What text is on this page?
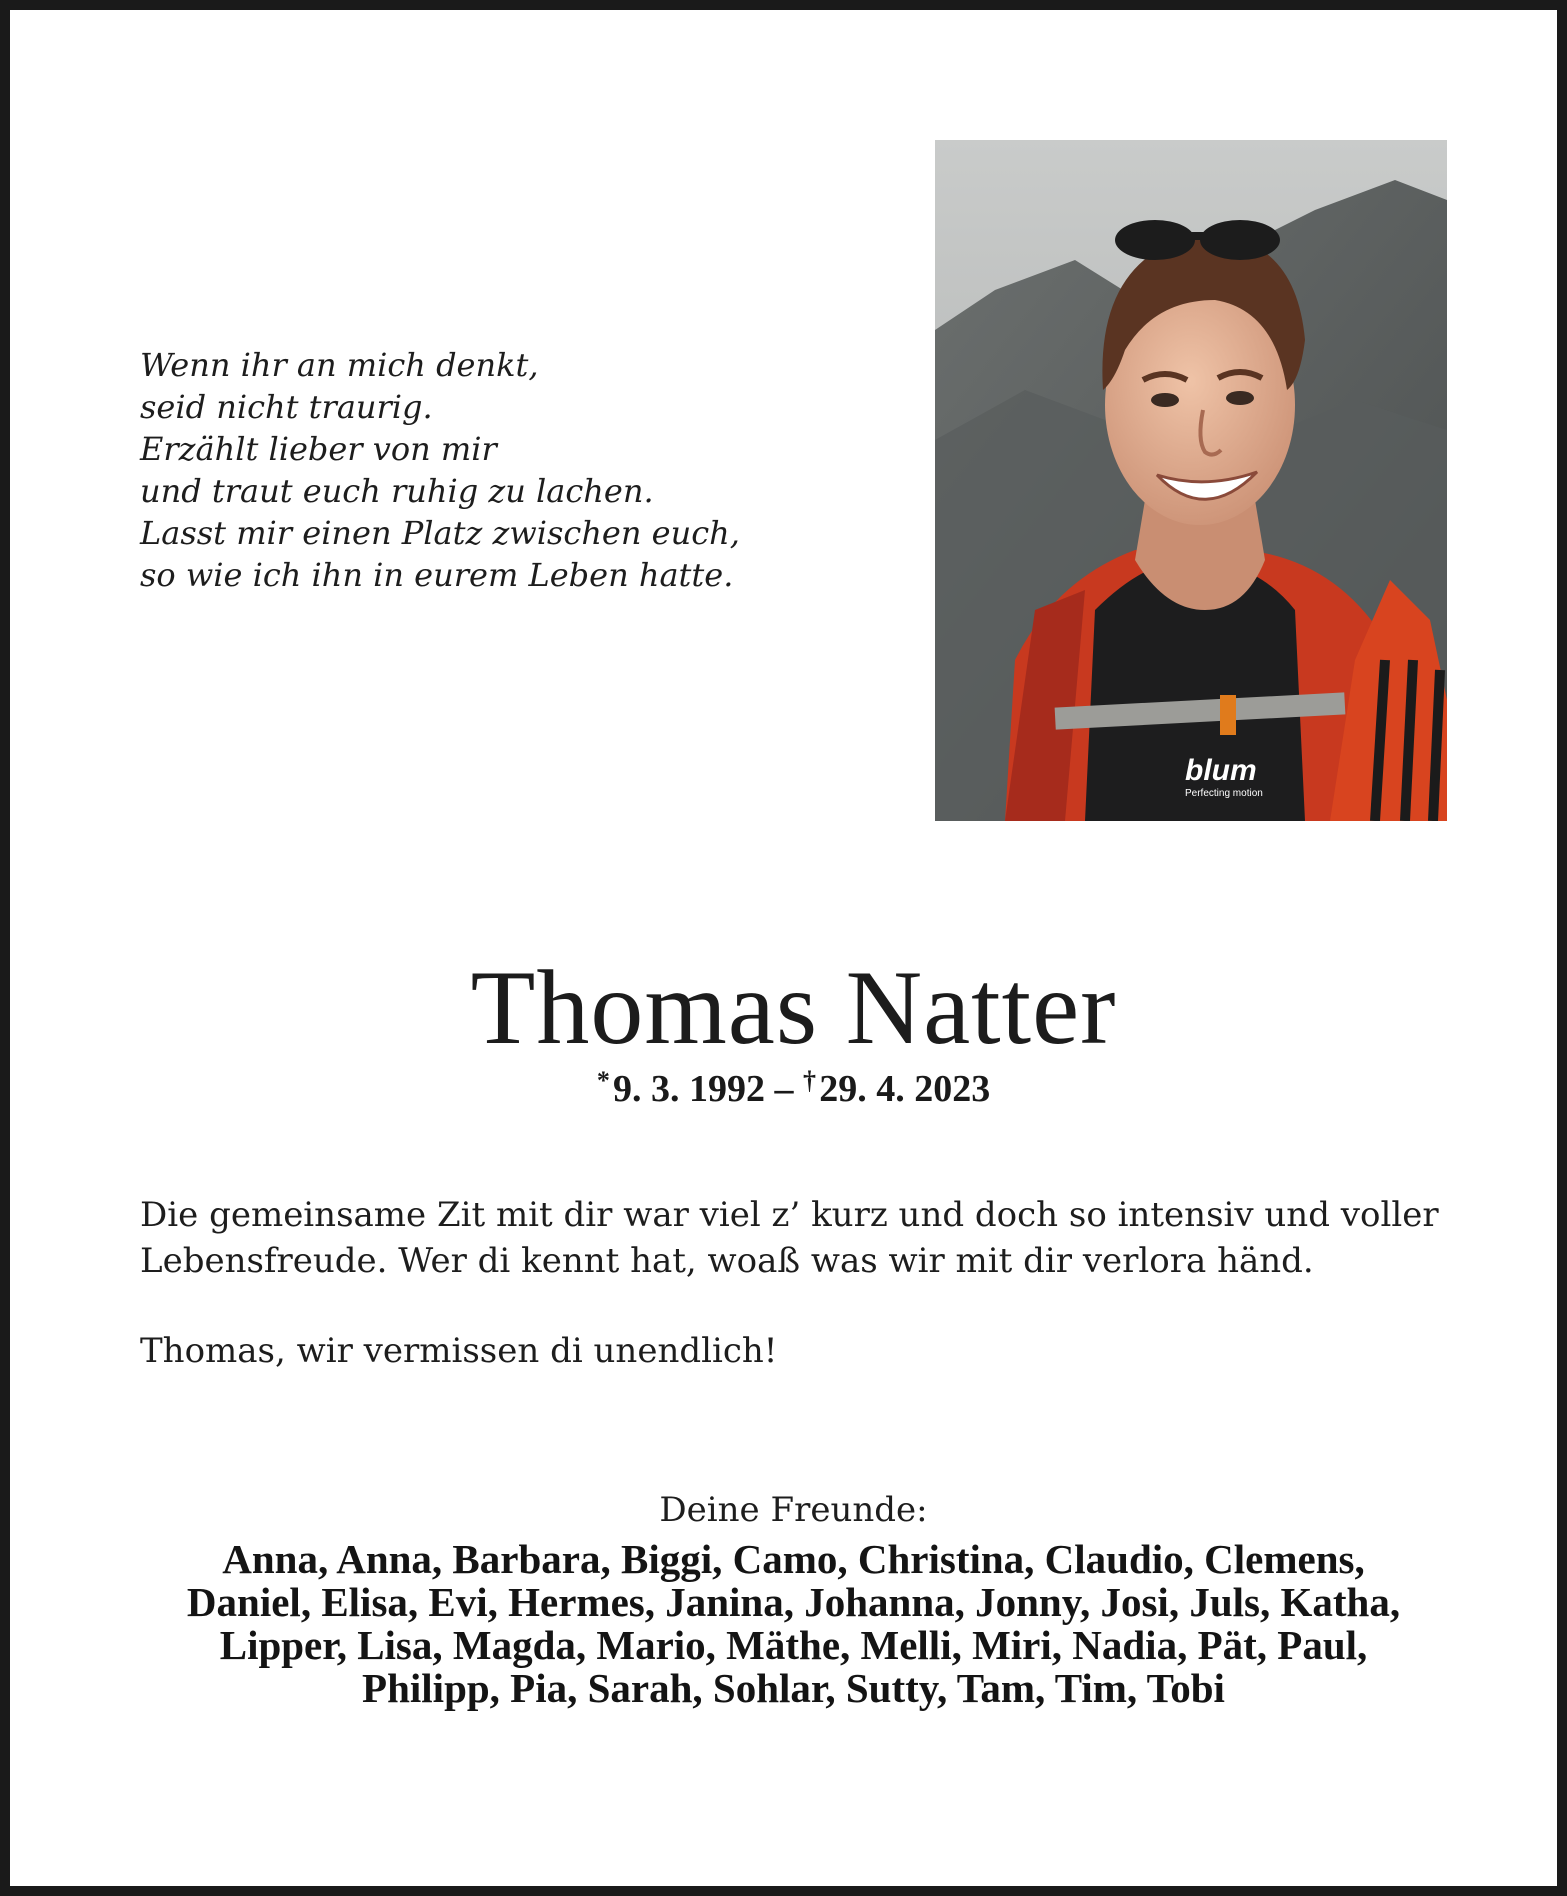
Wenn ihr an mich denkt,
seid nicht traurig.
Erzählt lieber von mir
und traut euch ruhig zu lachen.
Lasst mir einen Platz zwischen euch,
so wie ich ihn in eurem Leben hatte.
blum
Perfecting motion
Thomas Natter
* 9. 3. 1992 – † 29. 4. 2023

Die gemeinsame Zit mit dir war viel z’ kurz und doch so intensiv und voller
Lebensfreude. Wer di kennt hat, woaß was wir mit dir verlora händ.

Thomas, wir vermissen di unendlich!

Deine Freunde:
Anna, Anna, Barbara, Biggi, Camo, Christina, Claudio, Clemens,
Daniel, Elisa, Evi, Hermes, Janina, Johanna, Jonny, Josi, Juls, Katha,
Lipper, Lisa, Magda, Mario, Mäthe, Melli, Miri, Nadia, Pät, Paul,
Philipp, Pia, Sarah, Sohlar, Sutty, Tam, Tim, Tobi
